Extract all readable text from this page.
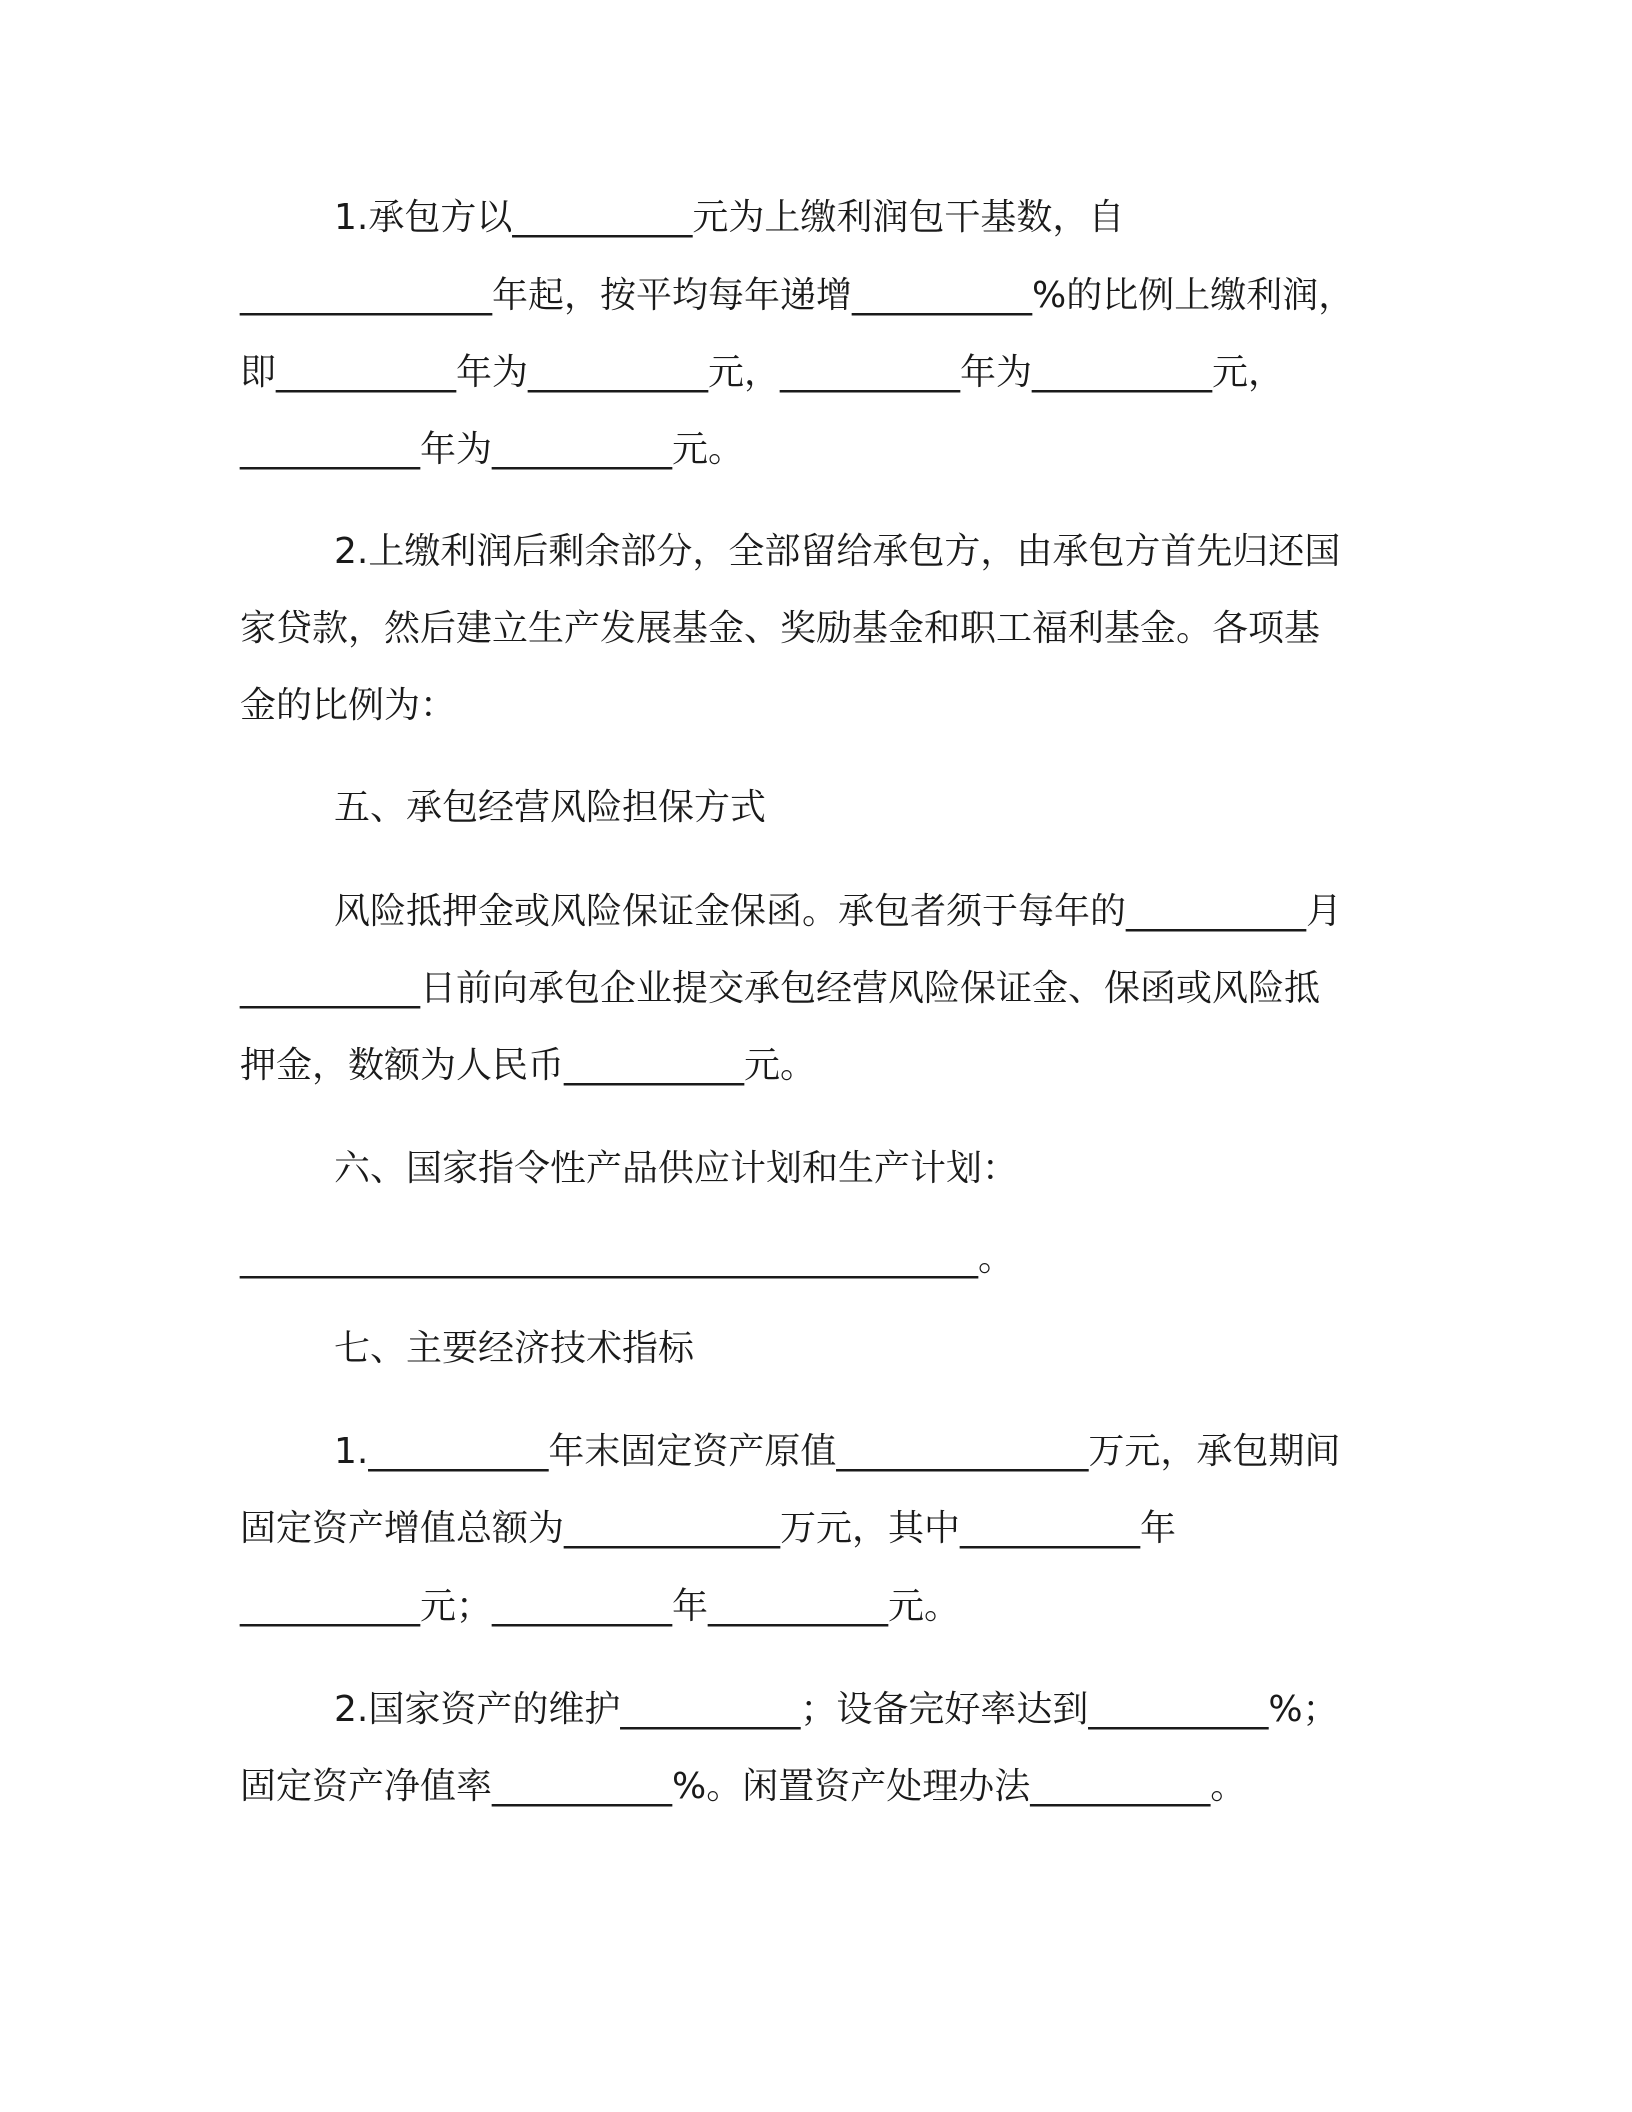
1.承包方以__________元为上缴利润包干基数，自
______________年起，按平均每年递增__________%的比例上缴利润，
即__________年为__________元，__________年为__________元，
__________年为__________元。
2.上缴利润后剩余部分，全部留给承包方，由承包方首先归还国
家贷款，然后建立生产发展基金、奖励基金和职工福利基金。各项基
金的比例为：
五、承包经营风险担保方式
风险抵押金或风险保证金保函。承包者须于每年的__________月
__________日前向承包企业提交承包经营风险保证金、保函或风险抵
押金，数额为人民币__________元。
六、国家指令性产品供应计划和生产计划：
_________________________________________。
七、主要经济技术指标
1.__________年末固定资产原值______________万元，承包期间
固定资产增值总额为____________万元，其中__________年
__________元；__________年__________元。
2.国家资产的维护__________；设备完好率达到__________%；
固定资产净值率__________%。闲置资产处理办法__________。
